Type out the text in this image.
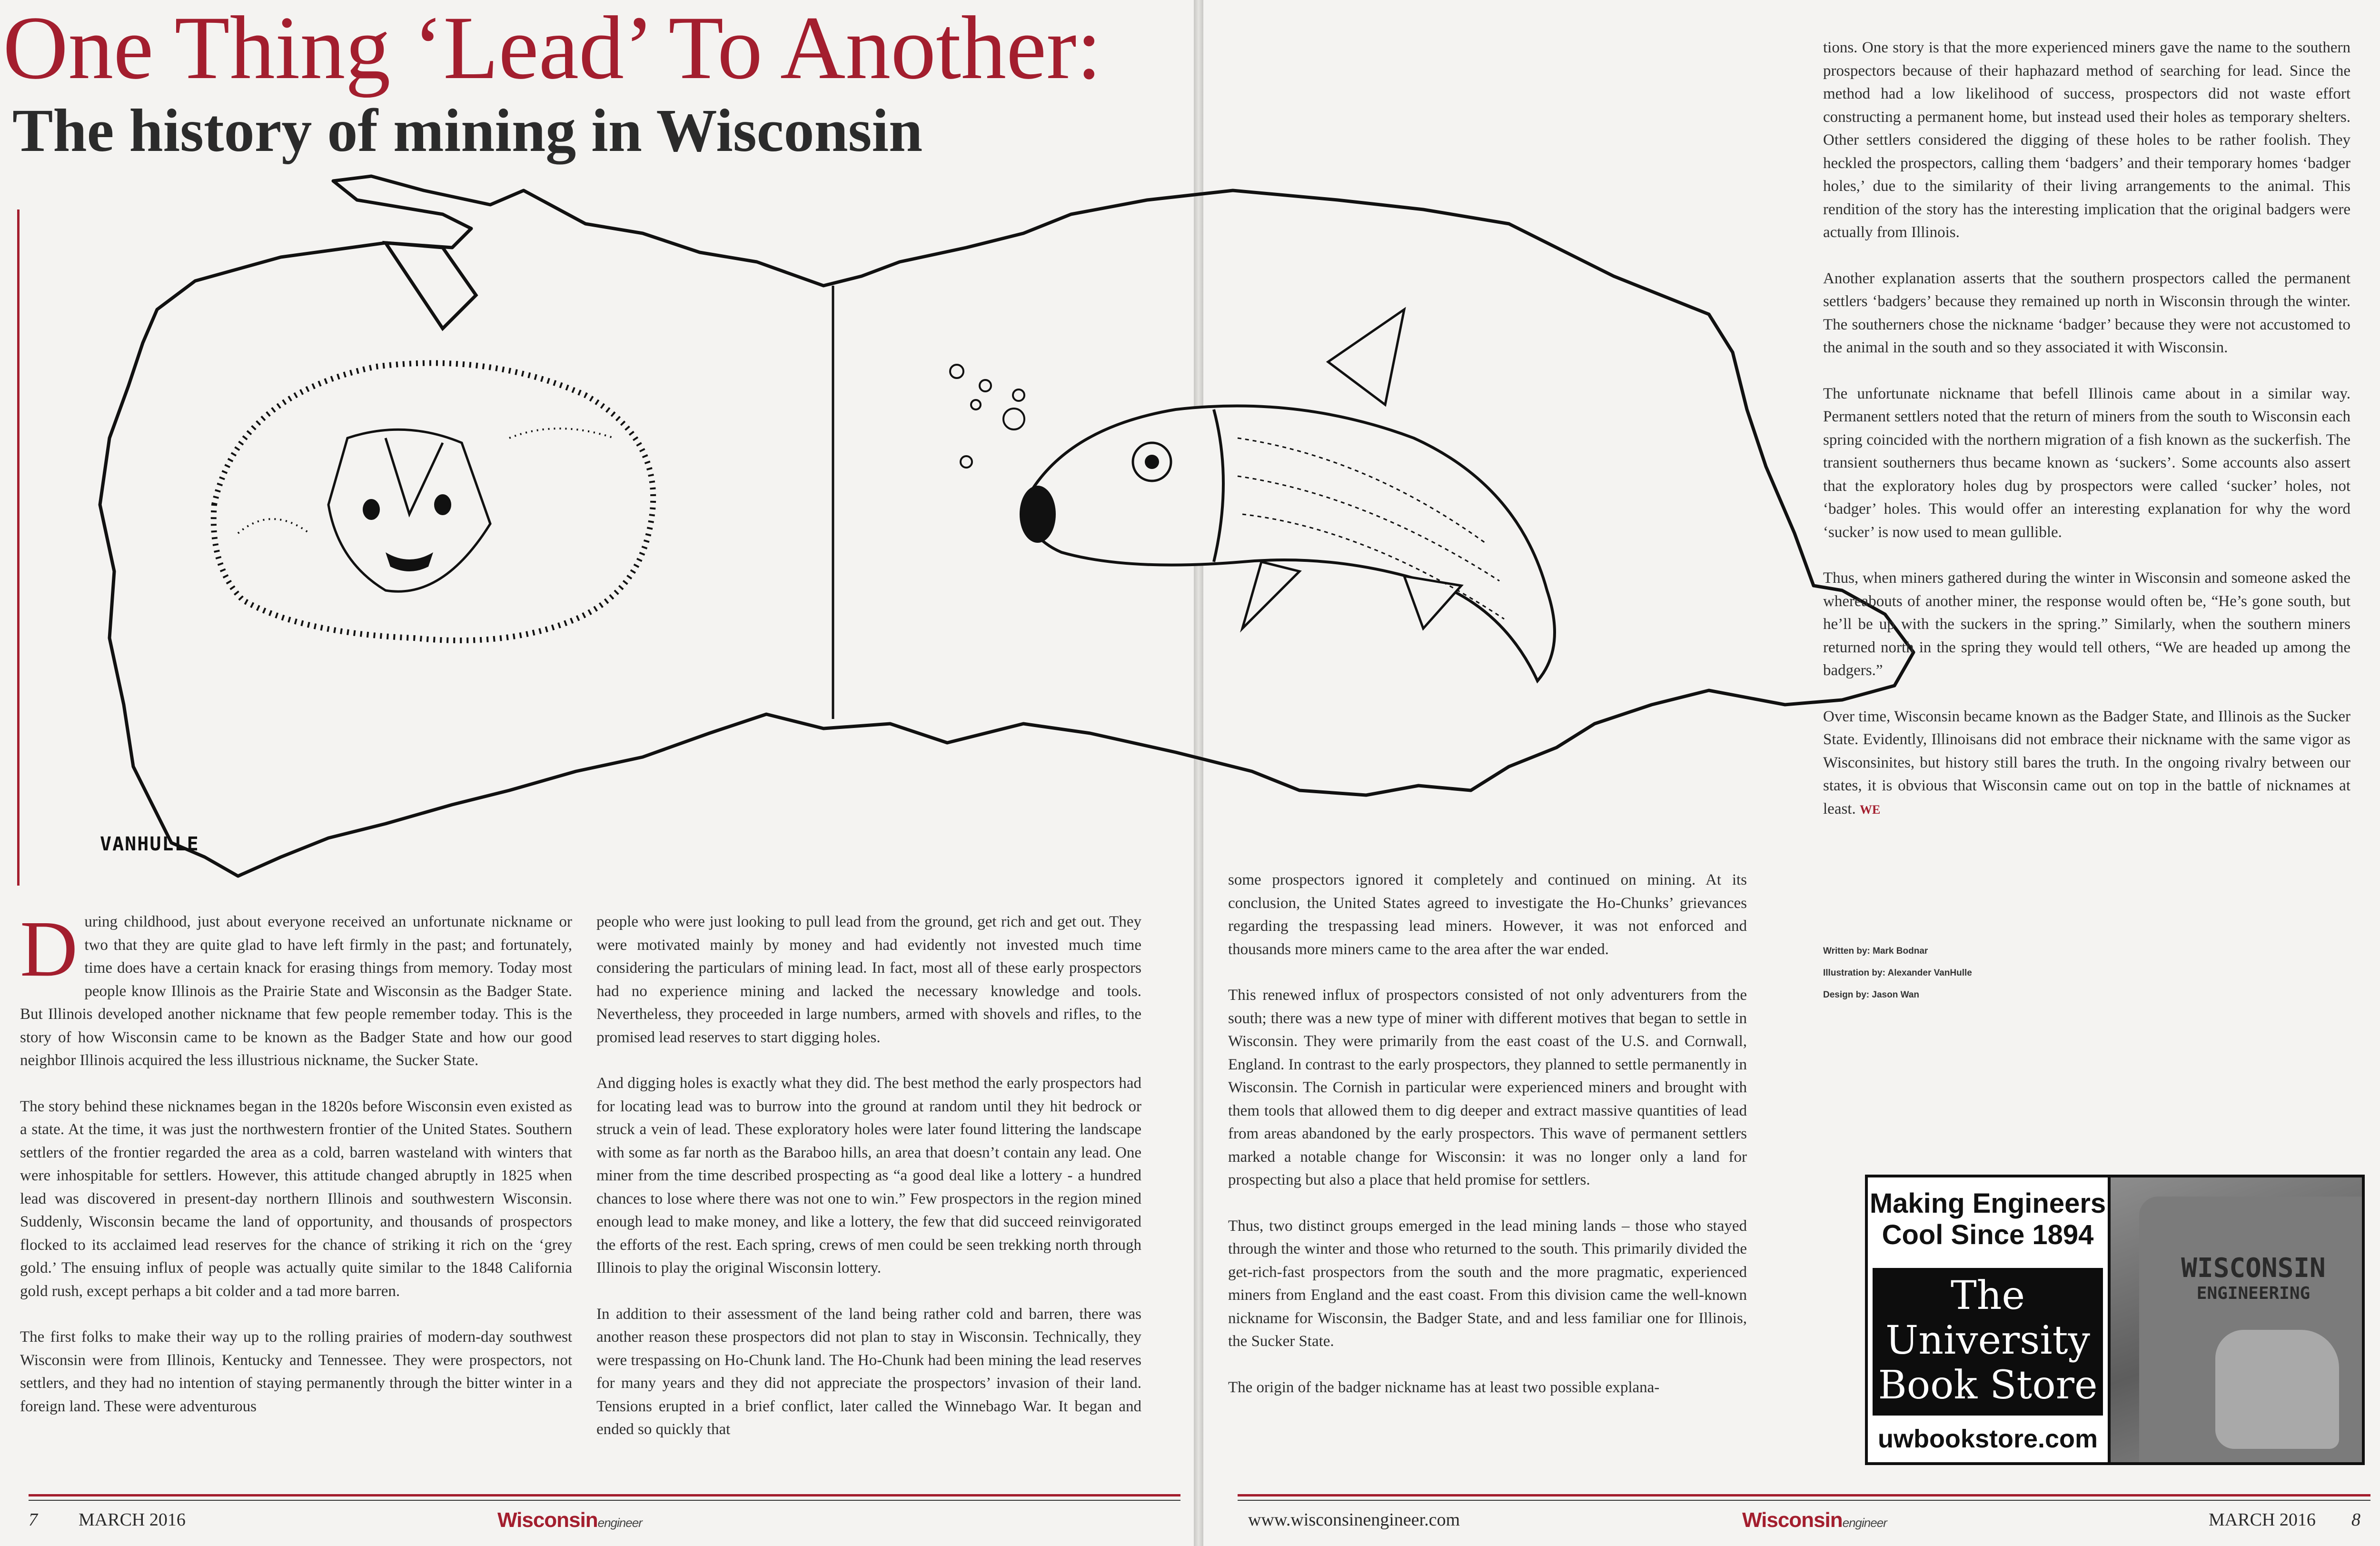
One Thing ‘Lead’ To Another:
The history of mining in Wisconsin
VANHULLE

During childhood, just about everyone received an unfortunate nickname or two that they are quite glad to have left firmly in the past; and fortunately, time does have a certain knack for erasing things from memory. Today most people know Illinois as the Prairie State and Wisconsin as the Badger State. But Illinois developed another nickname that few people remember today. This is the story of how Wisconsin came to be known as the Badger State and how our good neighbor Illinois acquired the less illustrious nickname, the Sucker State.

The story behind these nicknames began in the 1820s before Wisconsin even existed as a state. At the time, it was just the northwestern frontier of the United States. Southern settlers of the frontier regarded the area as a cold, barren wasteland with winters that were inhospitable for settlers. However, this attitude changed abruptly in 1825 when lead was discovered in present-day northern Illinois and southwestern Wisconsin. Suddenly, Wisconsin became the land of opportunity, and thousands of prospectors flocked to its acclaimed lead reserves for the chance of striking it rich on the ‘grey gold.’ The ensuing influx of people was actually quite similar to the 1848 California gold rush, except perhaps a bit colder and a tad more barren.

The first folks to make their way up to the rolling prairies of modern-day southwest Wisconsin were from Illinois, Kentucky and Tennessee. They were prospectors, not settlers, and they had no intention of staying permanently through the bitter winter in a foreign land. These were adventurous

people who were just looking to pull lead from the ground, get rich and get out. They were motivated mainly by money and had evidently not invested much time considering the particulars of mining lead. In fact, most all of these early prospectors had no experience mining and lacked the necessary knowledge and tools. Nevertheless, they proceeded in large numbers, armed with shovels and rifles, to the promised lead reserves to start digging holes.

And digging holes is exactly what they did. The best method the early prospectors had for locating lead was to burrow into the ground at random until they hit bedrock or struck a vein of lead. These exploratory holes were later found littering the landscape with some as far north as the Baraboo hills, an area that doesn’t contain any lead. One miner from the time described prospecting as “a good deal like a lottery - a hundred chances to lose where there was not one to win.” Few prospectors in the region mined enough lead to make money, and like a lottery, the few that did succeed reinvigorated the efforts of the rest. Each spring, crews of men could be seen trekking north through Illinois to play the original Wisconsin lottery.

In addition to their assessment of the land being rather cold and barren, there was another reason these prospectors did not plan to stay in Wisconsin. Technically, they were trespassing on Ho-Chunk land. The Ho-Chunk had been mining the lead reserves for many years and they did not appreciate the prospectors’ invasion of their land. Tensions erupted in a brief conflict, later called the Winnebago War. It began and ended so quickly that

some prospectors ignored it completely and continued on mining. At its conclusion, the United States agreed to investigate the Ho-Chunks’ grievances regarding the trespassing lead miners. However, it was not enforced and thousands more miners came to the area after the war ended.

This renewed influx of prospectors consisted of not only adventurers from the south; there was a new type of miner with different motives that began to settle in Wisconsin. They were primarily from the east coast of the U.S. and Cornwall, England. In contrast to the early prospectors, they planned to settle permanently in Wisconsin. The Cornish in particular were experienced miners and brought with them tools that allowed them to dig deeper and extract massive quantities of lead from areas abandoned by the early prospectors. This wave of permanent settlers marked a notable change for Wisconsin: it was no longer only a land for prospecting but also a place that held promise for settlers.

Thus, two distinct groups emerged in the lead mining lands – those who stayed through the winter and those who returned to the south. This primarily divided the get-rich-fast prospectors from the south and the more pragmatic, experienced miners from England and the east coast. From this division came the well-known nickname for Wisconsin, the Badger State, and and less familiar one for Illinois, the Sucker State.

The origin of the badger nickname has at least two possible explana-

tions. One story is that the more experienced miners gave the name to the southern prospectors because of their haphazard method of searching for lead. Since the method had a low likelihood of success, prospectors did not waste effort constructing a permanent home, but instead used their holes as temporary shelters. Other settlers considered the digging of these holes to be rather foolish. They heckled the prospectors, calling them ‘badgers’ and their temporary homes ‘badger holes,’ due to the similarity of their living arrangements to the animal. This rendition of the story has the interesting implication that the original badgers were actually from Illinois.

Another explanation asserts that the southern prospectors called the permanent settlers ‘badgers’ because they remained up north in Wisconsin through the winter. The southerners chose the nickname ‘badger’ because they were not accustomed to the animal in the south and so they associated it with Wisconsin.

The unfortunate nickname that befell Illinois came about in a similar way. Permanent settlers noted that the return of miners from the south to Wisconsin each spring coincided with the northern migration of a fish known as the suckerfish. The transient southerners thus became known as ‘suckers’. Some accounts also assert that the exploratory holes dug by prospectors were called ‘sucker’ holes, not ‘badger’ holes. This would offer an interesting explanation for why the word ‘sucker’ is now used to mean gullible.

Thus, when miners gathered during the winter in Wisconsin and someone asked the whereabouts of another miner, the response would often be, “He’s gone south, but he’ll be up with the suckers in the spring.” Similarly, when the southern miners returned north in the spring they would tell others, “We are headed up among the badgers.”

Over time, Wisconsin became known as the Badger State, and Illinois as the Sucker State. Evidently, Illinoisans did not embrace their nickname with the same vigor as Wisconsinites, but history still bares the truth. In the ongoing rivalry between our states, it is obvious that Wisconsin came out on top in the battle of nicknames at least. WE

Written by: Mark Bodnar
Illustration by: Alexander VanHulle
Design by: Jason Wan
Making Engineers
Cool Since 1894
The
University
Book Store
uwbookstore.com
WISCONSIN
ENGINEERING
7 MARCH 2016	Wisconsinengineer	www.wisconsinengineer.com	Wisconsinengineer	MARCH 2016 8
